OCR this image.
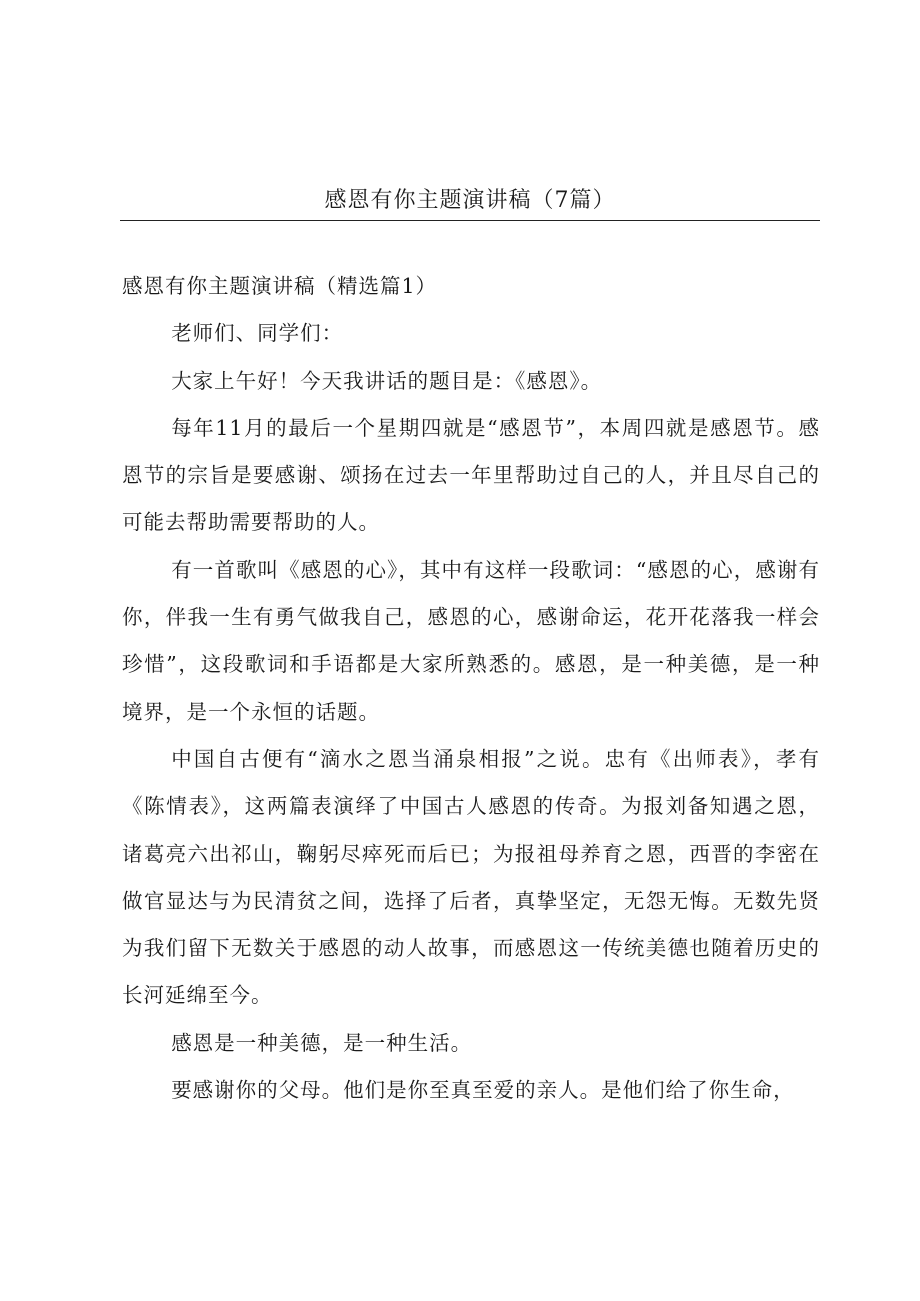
感恩有你主题演讲稿（7篇）
感恩有你主题演讲稿（精选篇1）

老师们、同学们：

大家上午好！今天我讲话的题目是：《感恩》。

每年11月的最后一个星期四就是“感恩节”，本周四就是感恩节。感恩节的宗旨是要感谢、颂扬在过去一年里帮助过自己的人，并且尽自己的可能去帮助需要帮助的人。

有一首歌叫《感恩的心》，其中有这样一段歌词：“感恩的心，感谢有你，伴我一生有勇气做我自己，感恩的心，感谢命运，花开花落我一样会珍惜”，这段歌词和手语都是大家所熟悉的。感恩，是一种美德，是一种境界，是一个永恒的话题。

中国自古便有“滴水之恩当涌泉相报”之说。忠有《出师表》，孝有《陈情表》，这两篇表演绎了中国古人感恩的传奇。为报刘备知遇之恩，诸葛亮六出祁山，鞠躬尽瘁死而后已；为报祖母养育之恩，西晋的李密在做官显达与为民清贫之间，选择了后者，真挚坚定，无怨无悔。无数先贤为我们留下无数关于感恩的动人故事，而感恩这一传统美德也随着历史的长河延绵至今。

感恩是一种美德，是一种生活。

要感谢你的父母。他们是你至真至爱的亲人。是他们给了你生命，
